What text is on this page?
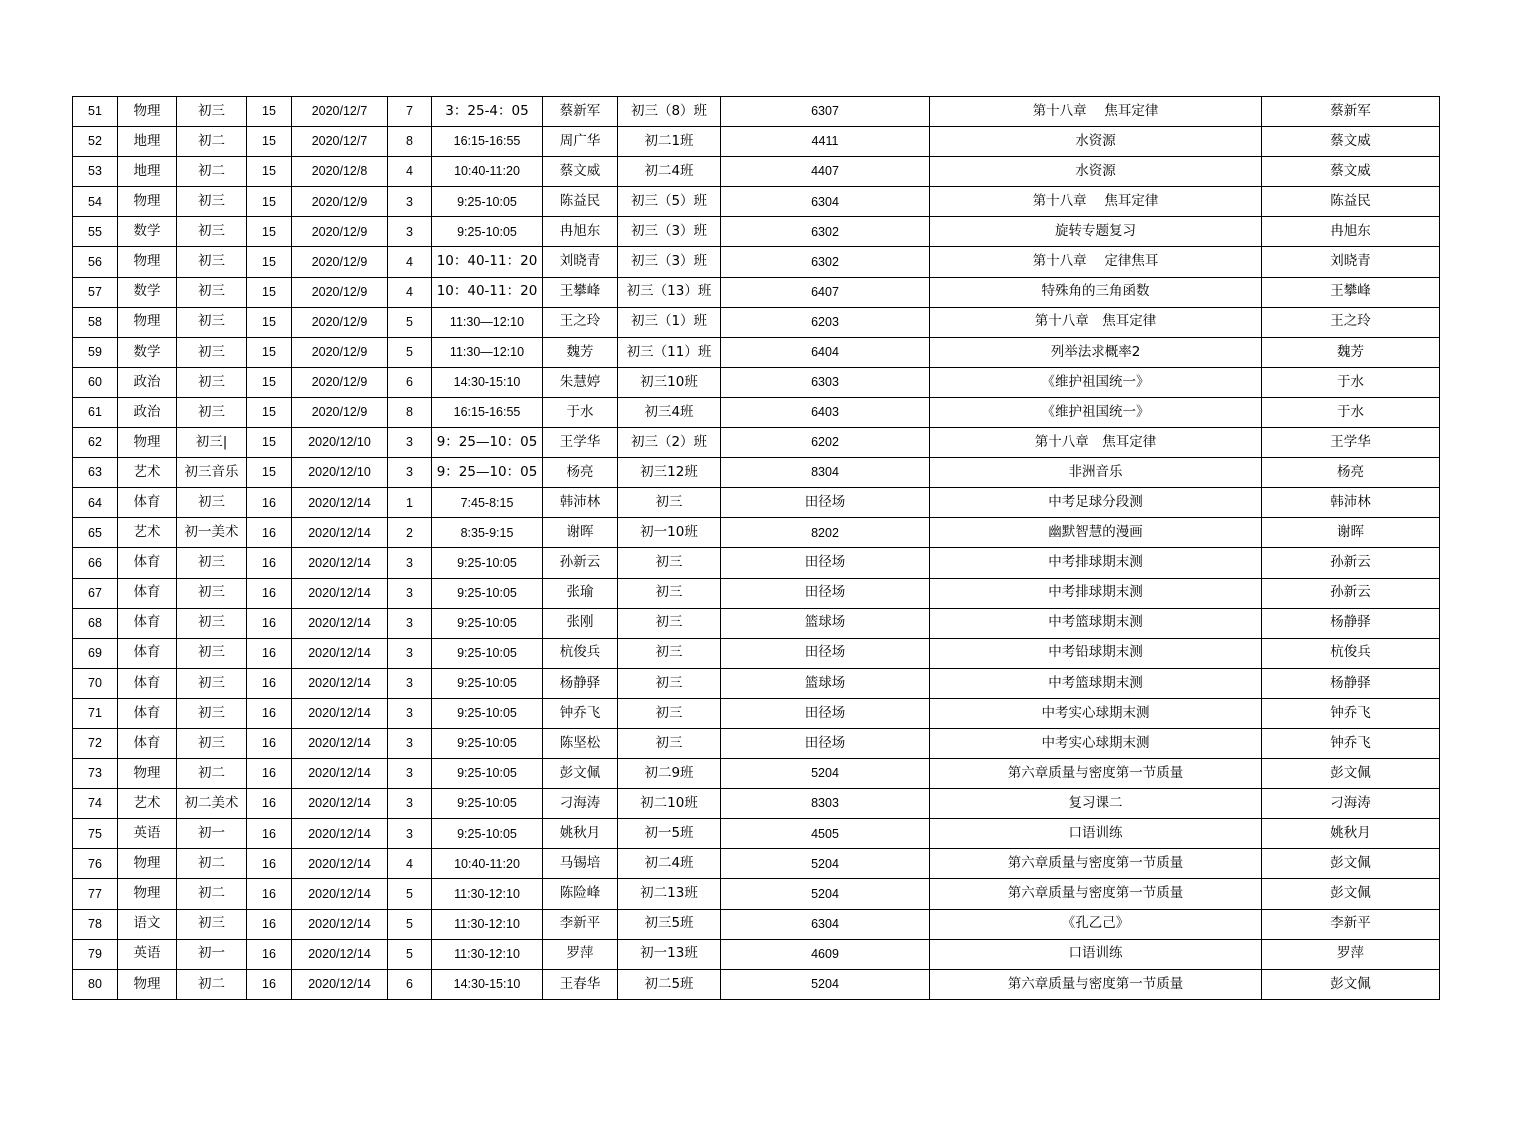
51	物理	初三	15	2020/12/7	7	3：25-4：05	蔡新军	初三（8）班	6307	第十八章　 焦耳定律	蔡新军
52	地理	初二	15	2020/12/7	8	16:15-16:55	周广华	初二1班	4411	水资源	蔡文威
53	地理	初二	15	2020/12/8	4	10:40-11:20	蔡文威	初二4班	4407	水资源	蔡文威
54	物理	初三	15	2020/12/9	3	9:25-10:05	陈益民	初三（5）班	6304	第十八章　 焦耳定律	陈益民
55	数学	初三	15	2020/12/9	3	9:25-10:05	冉旭东	初三（3）班	6302	旋转专题复习	冉旭东
56	物理	初三	15	2020/12/9	4	10：40-11：20	刘晓青	初三（3）班	6302	第十八章　 定律焦耳	刘晓青
57	数学	初三	15	2020/12/9	4	10：40-11：20	王攀峰	初三（13）班	6407	特殊角的三角函数	王攀峰
58	物理	初三	15	2020/12/9	5	11:30—12:10	王之玲	初三（1）班	6203	第十八章　焦耳定律	王之玲
59	数学	初三	15	2020/12/9	5	11:30—12:10	魏芳	初三（11）班	6404	列举法求概率2	魏芳
60	政治	初三	15	2020/12/9	6	14:30-15:10	朱慧婷	初三10班	6303	《维护祖国统一》	于水
61	政治	初三	15	2020/12/9	8	16:15-16:55	于水	初三4班	6403	《维护祖国统一》	于水
62	物理	初三|	15	2020/12/10	3	9：25—10：05	王学华	初三（2）班	6202	第十八章　焦耳定律	王学华
63	艺术	初三音乐	15	2020/12/10	3	9：25—10：05	杨亮	初三12班	8304	非洲音乐	杨亮
64	体育	初三	16	2020/12/14	1	7:45-8:15	韩沛林	初三	田径场	中考足球分段测	韩沛林
65	艺术	初一美术	16	2020/12/14	2	8:35-9:15	谢晖	初一10班	8202	幽默智慧的漫画	谢晖
66	体育	初三	16	2020/12/14	3	9:25-10:05	孙新云	初三	田径场	中考排球期末测	孙新云
67	体育	初三	16	2020/12/14	3	9:25-10:05	张瑜	初三	田径场	中考排球期末测	孙新云
68	体育	初三	16	2020/12/14	3	9:25-10:05	张刚	初三	篮球场	中考篮球期末测	杨静驿
69	体育	初三	16	2020/12/14	3	9:25-10:05	杭俊兵	初三	田径场	中考铅球期末测	杭俊兵
70	体育	初三	16	2020/12/14	3	9:25-10:05	杨静驿	初三	篮球场	中考篮球期末测	杨静驿
71	体育	初三	16	2020/12/14	3	9:25-10:05	钟乔飞	初三	田径场	中考实心球期末测	钟乔飞
72	体育	初三	16	2020/12/14	3	9:25-10:05	陈坚松	初三	田径场	中考实心球期末测	钟乔飞
73	物理	初二	16	2020/12/14	3	9:25-10:05	彭文佩	初二9班	5204	第六章质量与密度第一节质量	彭文佩
74	艺术	初二美术	16	2020/12/14	3	9:25-10:05	刁海涛	初二10班	8303	复习课二	刁海涛
75	英语	初一	16	2020/12/14	3	9:25-10:05	姚秋月	初一5班	4505	口语训练	姚秋月
76	物理	初二	16	2020/12/14	4	10:40-11:20	马锡培	初二4班	5204	第六章质量与密度第一节质量	彭文佩
77	物理	初二	16	2020/12/14	5	11:30-12:10	陈险峰	初二13班	5204	第六章质量与密度第一节质量	彭文佩
78	语文	初三	16	2020/12/14	5	11:30-12:10	李新平	初三5班	6304	《孔乙己》	李新平
79	英语	初一	16	2020/12/14	5	11:30-12:10	罗萍	初一13班	4609	口语训练	罗萍
80	物理	初二	16	2020/12/14	6	14:30-15:10	王春华	初二5班	5204	第六章质量与密度第一节质量	彭文佩
